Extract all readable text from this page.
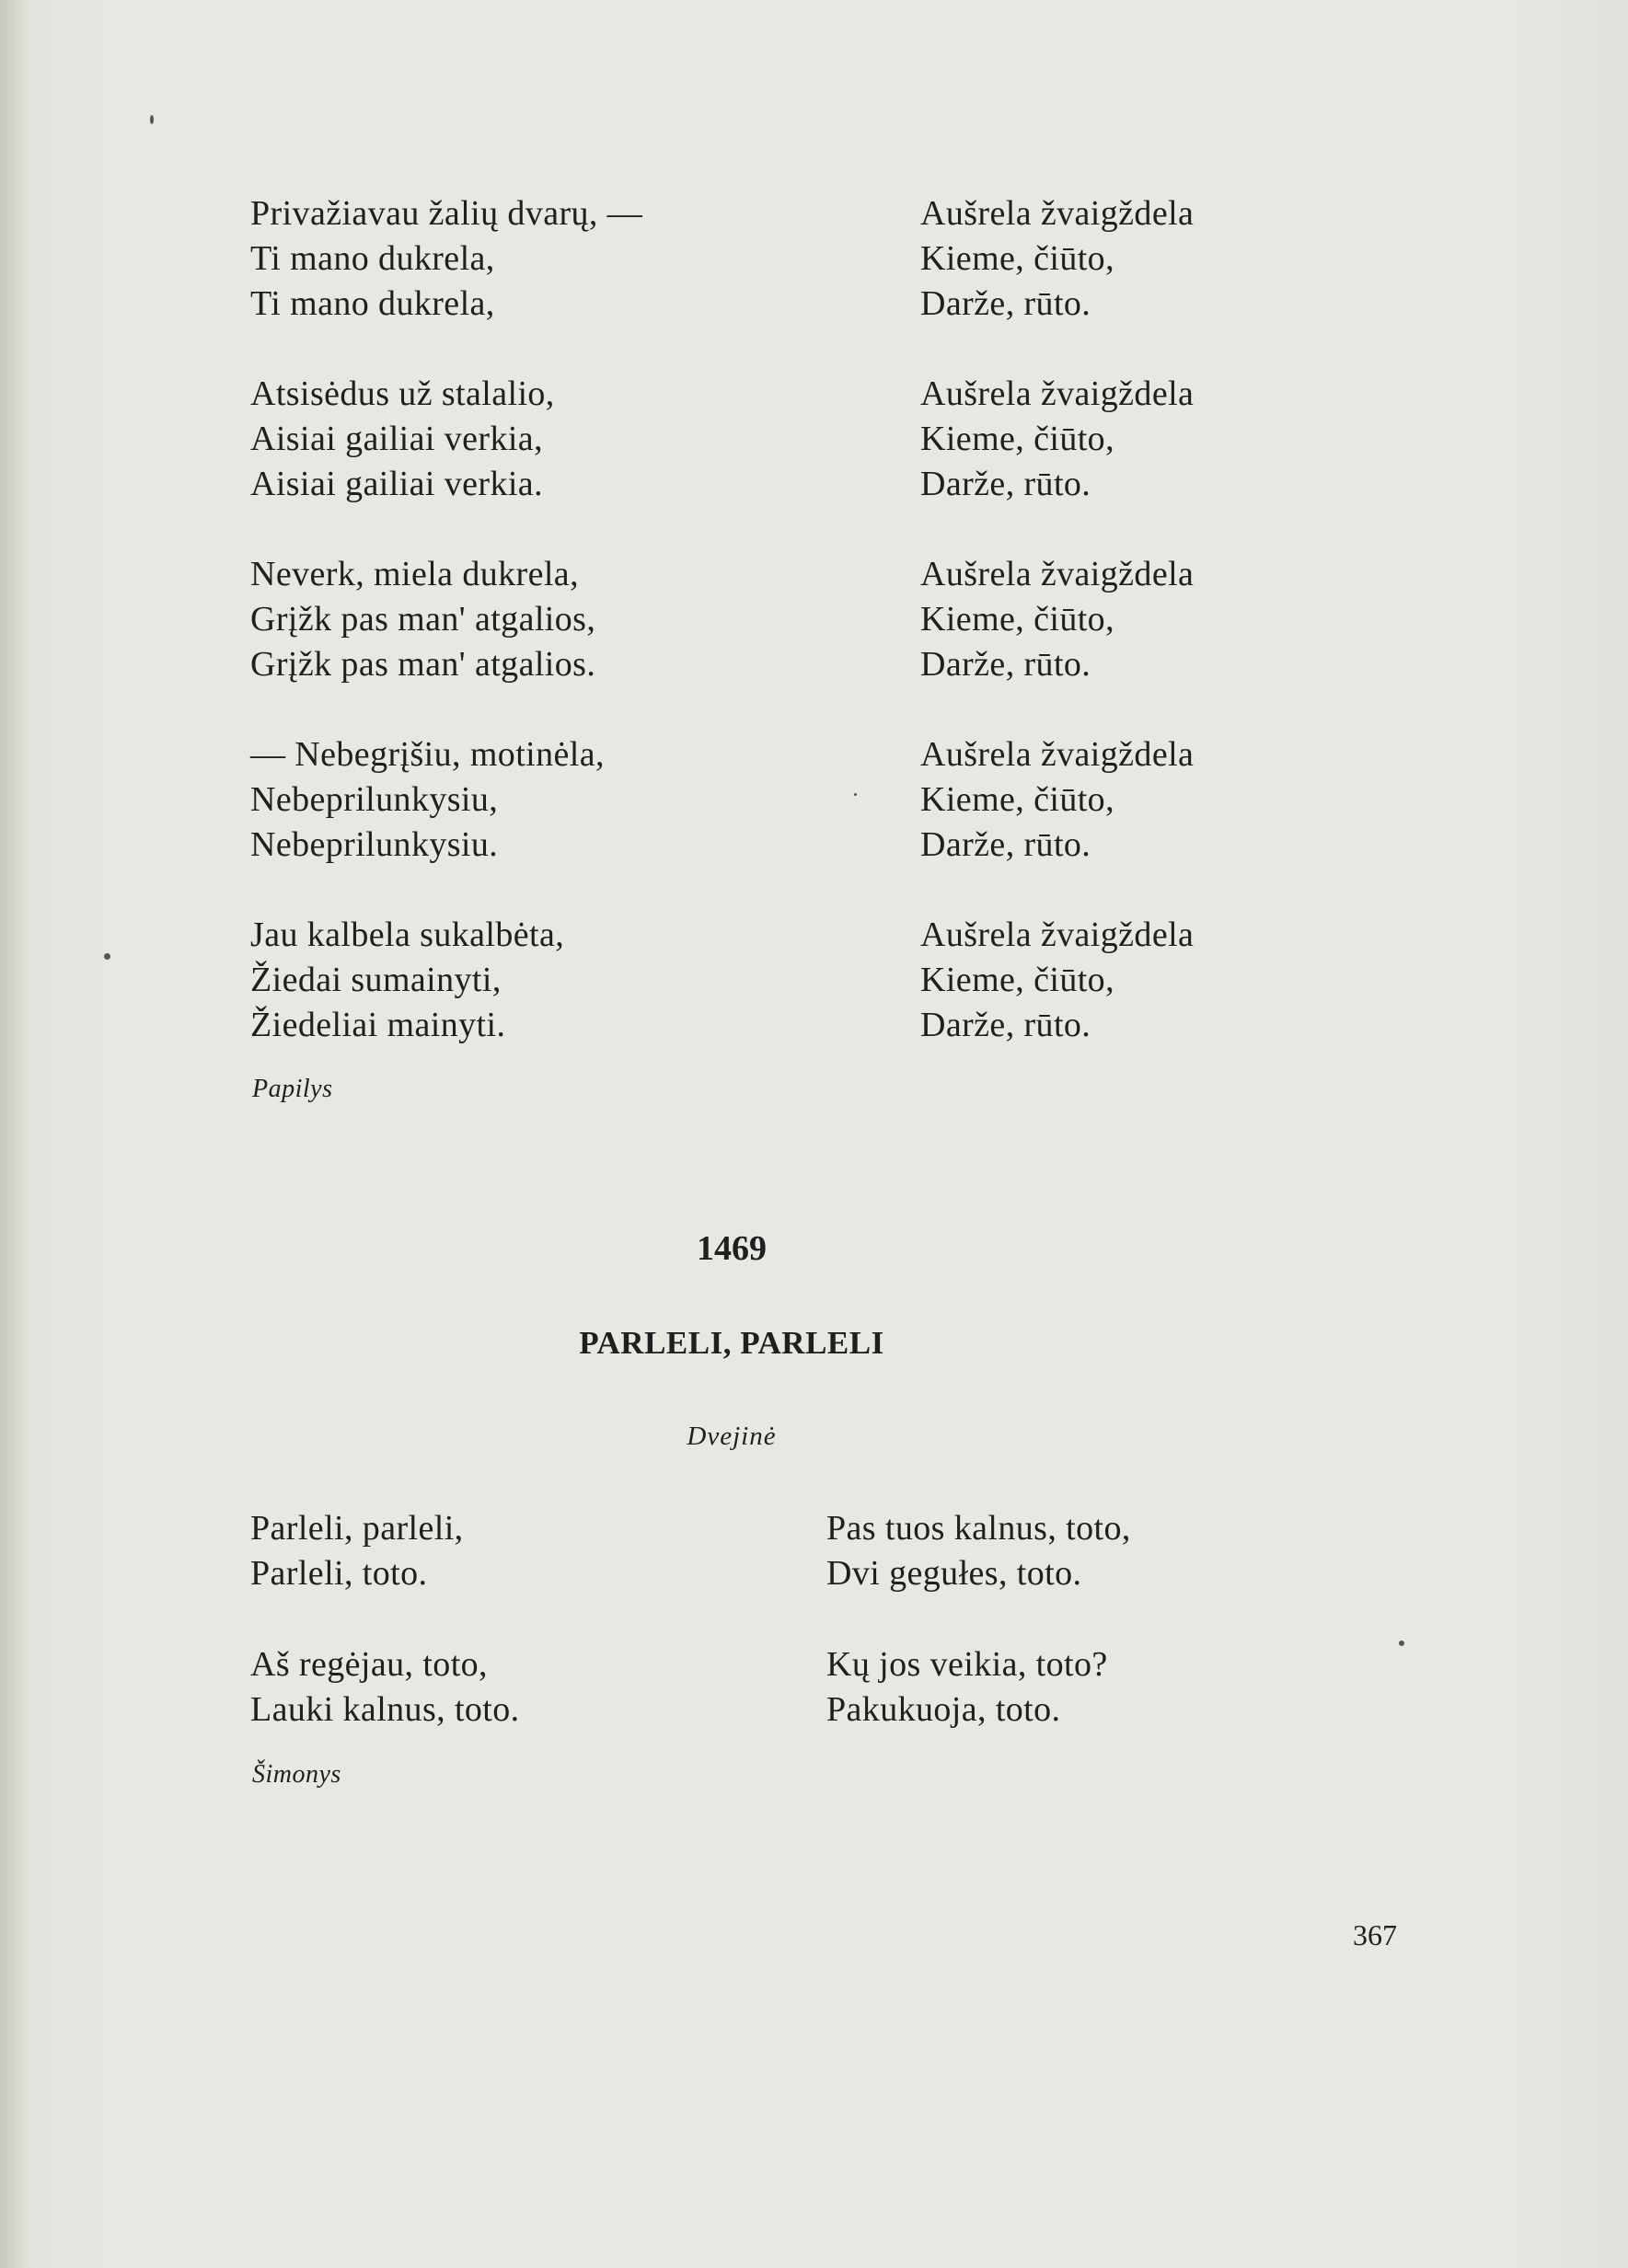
Privažiavau žalių dvarų, —
Ti mano dukrela,
Ti mano dukrela,
Aušrela žvaigždela
Kieme, čiūto,
Darže, rūto.
Atsisėdus už stalalio,
Aisiai gailiai verkia,
Aisiai gailiai verkia.
Aušrela žvaigždela
Kieme, čiūto,
Darže, rūto.
Neverk, miela dukrela,
Grįžk pas man' atgalios,
Grįžk pas man' atgalios.
Aušrela žvaigždela
Kieme, čiūto,
Darže, rūto.
— Nebegrįšiu, motinėla,
Nebeprilunkysiu,
Nebeprilunkysiu.
Aušrela žvaigždela
Kieme, čiūto,
Darže, rūto.
Jau kalbela sukalbėta,
Žiedai sumainyti,
Žiedeliai mainyti.
Aušrela žvaigždela
Kieme, čiūto,
Darže, rūto.
Papilys
1469
PARLELI, PARLELI
Dvejinė
Parleli, parleli,
Parleli, toto.
Pas tuos kalnus, toto,
Dvi gegułes, toto.
Aš regėjau, toto,
Lauki kalnus, toto.
Kų jos veikia, toto?
Pakukuoja, toto.
Šimonys
367
